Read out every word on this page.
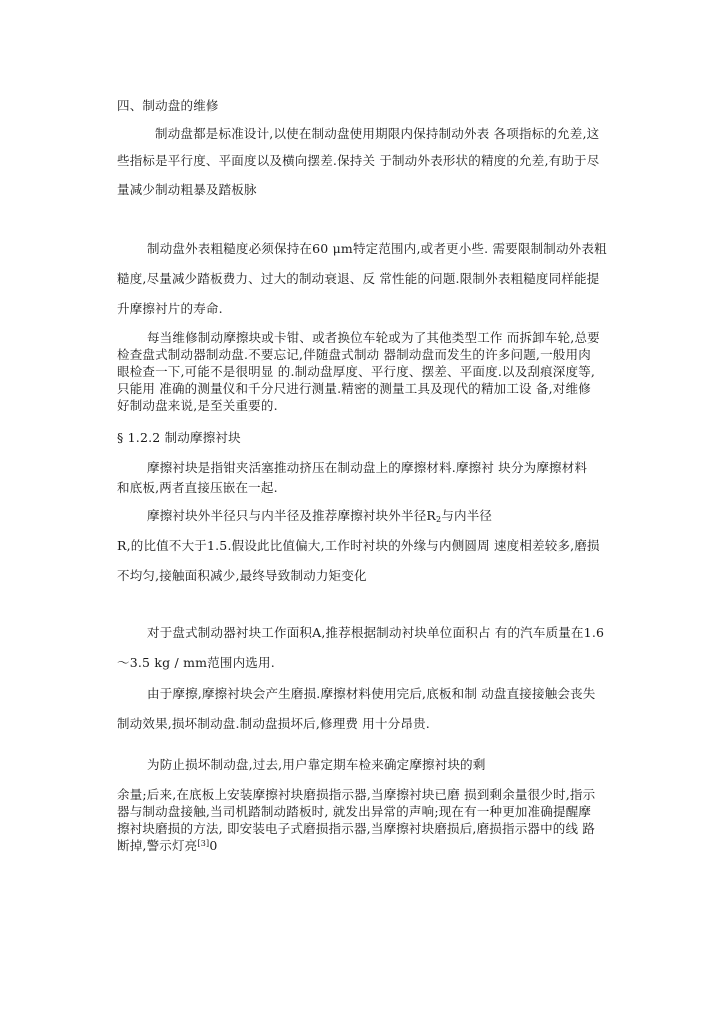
四、制动盘的维修
制动盘都是标准设计,以使在制动盘使用期限内保持制动外表 各项指标的允差,这
些指标是平行度、平面度以及横向摆差.保持关 于制动外表形状的精度的允差,有助于尽
量减少制动粗暴及踏板脉
制动盘外表粗糙度必须保持在60 μm特定范围内,或者更小些. 需要限制制动外表粗
糙度,尽量减少踏板费力、过大的制动衰退、反 常性能的问题.限制外表粗糙度同样能提
升摩擦衬片的寿命.
每当维修制动摩擦块或卡钳、或者换位车轮或为了其他类型工作 而拆卸车轮,总要
检查盘式制动器制动盘.不要忘记,伴随盘式制动 器制动盘而发生的许多问题,一般用肉
眼检查一下,可能不是很明显 的.制动盘厚度、平行度、摆差、平面度.以及刮痕深度等,
只能用 准确的测量仪和千分尺进行测量.精密的测量工具及现代的精加工设 备,对维修
好制动盘来说,是至关重要的.
§ 1.2.2 制动摩擦衬块
摩擦衬块是指钳夹活塞推动挤压在制动盘上的摩擦材料.摩擦衬 块分为摩擦材料
和底板,两者直接压嵌在一起.
摩擦衬块外半径只与内半径及推荐摩擦衬块外半径$R_2$与内半径
R,的比值不大于1.5.假设此比值偏大,工作时衬块的外缘与内侧圆周 速度相差较多,磨损
不均匀,接触面积减少,最终导致制动力矩变化
对于盘式制动器衬块工作面积A,推荐根据制动衬块单位面积占 有的汽车质量在1.6
〜3.5 kg / mm范围内选用.
由于摩擦,摩擦衬块会产生磨损.摩擦材料使用完后,底板和制 动盘直接接触会丧失
制动效果,损坏制动盘.制动盘损坏后,修理费 用十分昂贵.
为防止损坏制动盘,过去,用户靠定期车检来确定摩擦衬块的剩
余量;后来,在底板上安装摩擦衬块磨损指示器,当摩擦衬块已磨 损到剩余量很少时,指示
器与制动盘接触,当司机踏制动踏板时, 就发出异常的声响;现在有一种更加准确提醒摩
擦衬块磨损的方法, 即安装电子式磨损指示器,当摩擦衬块磨损后,磨损指示器中的线 路
断掉,警示灯亮[3]0
